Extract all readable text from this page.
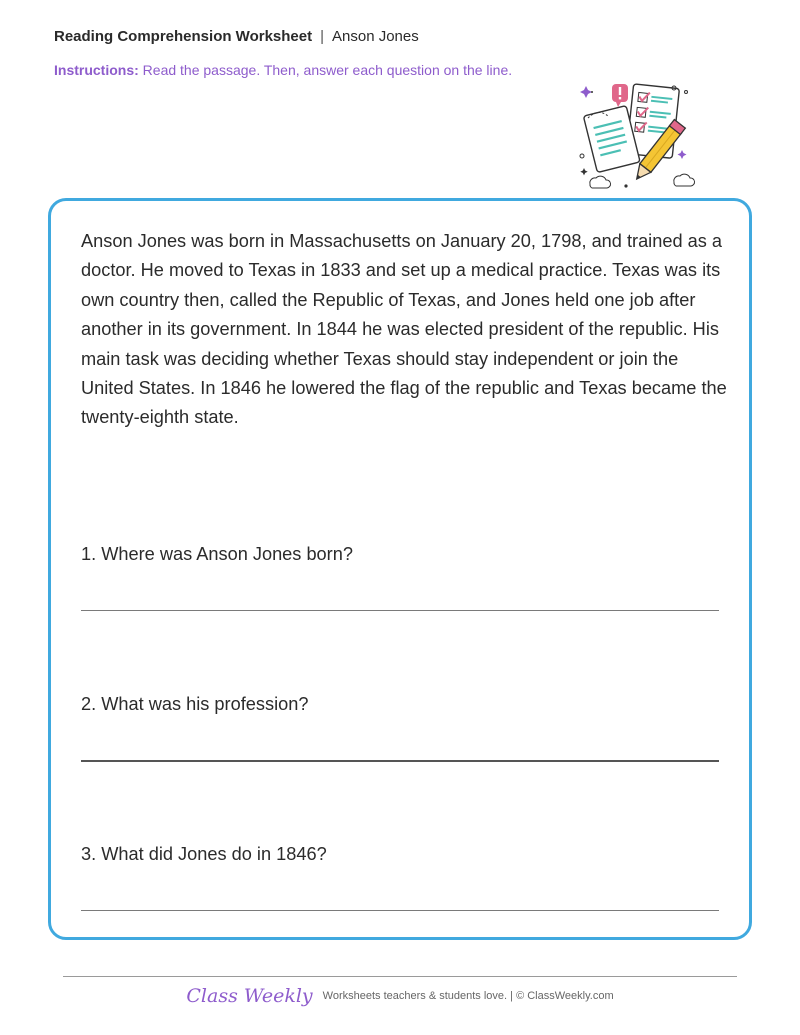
Reading Comprehension Worksheet | Anson Jones
Instructions: Read the passage. Then, answer each question on the line.

Anson Jones was born in Massachusetts on January 20, 1798, and trained as a doctor. He moved to Texas in 1833 and set up a medical practice. Texas was its own country then, called the Republic of Texas, and Jones held one job after another in its government. In 1844 he was elected president of the republic. His main task was deciding whether Texas should stay independent or join the United States. In 1846 he lowered the flag of the republic and Texas became the twenty-eighth state.

1. Where was Anson Jones born?
2. What was his profession?
3. What did Jones do in 1846?
Class Weekly Worksheets teachers & students love. | © ClassWeekly.com
